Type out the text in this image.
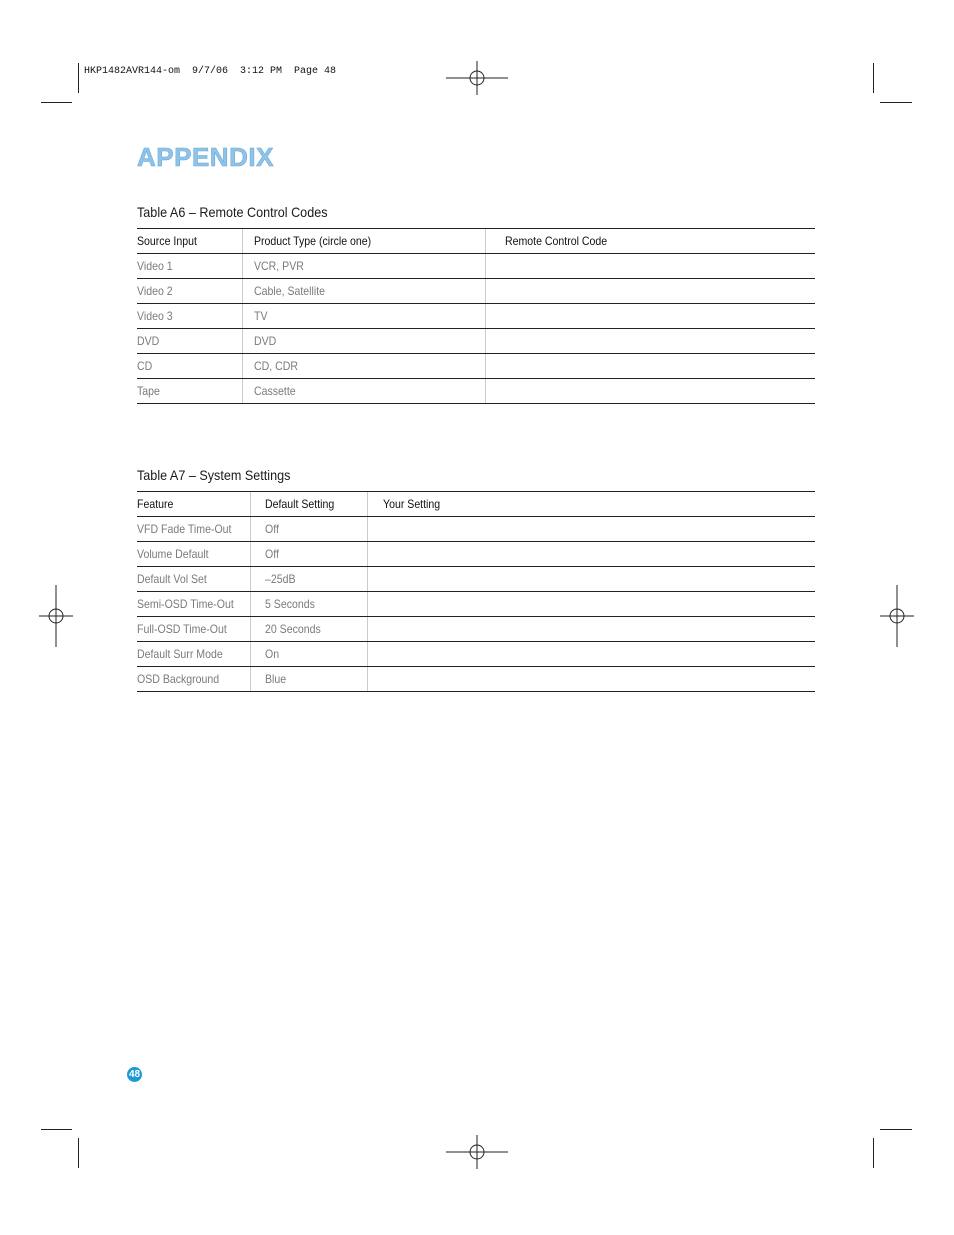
HKP1482AVR144-om  9/7/06  3:12 PM  Page 48
APPENDIX
Table A6 – Remote Control Codes
Source Input	Product Type (circle one)	Remote Control Code
Video 1	VCR, PVR	
Video 2	Cable, Satellite	
Video 3	TV	
DVD	DVD	
CD	CD, CDR	
Tape	Cassette	
Table A7 – System Settings
Feature	Default Setting	Your Setting
VFD Fade Time-Out	Off	
Volume Default	Off	
Default Vol Set	–25dB	
Semi-OSD Time-Out	5 Seconds	
Full-OSD Time-Out	20 Seconds	
Default Surr Mode	On	
OSD Background	Blue	
48
